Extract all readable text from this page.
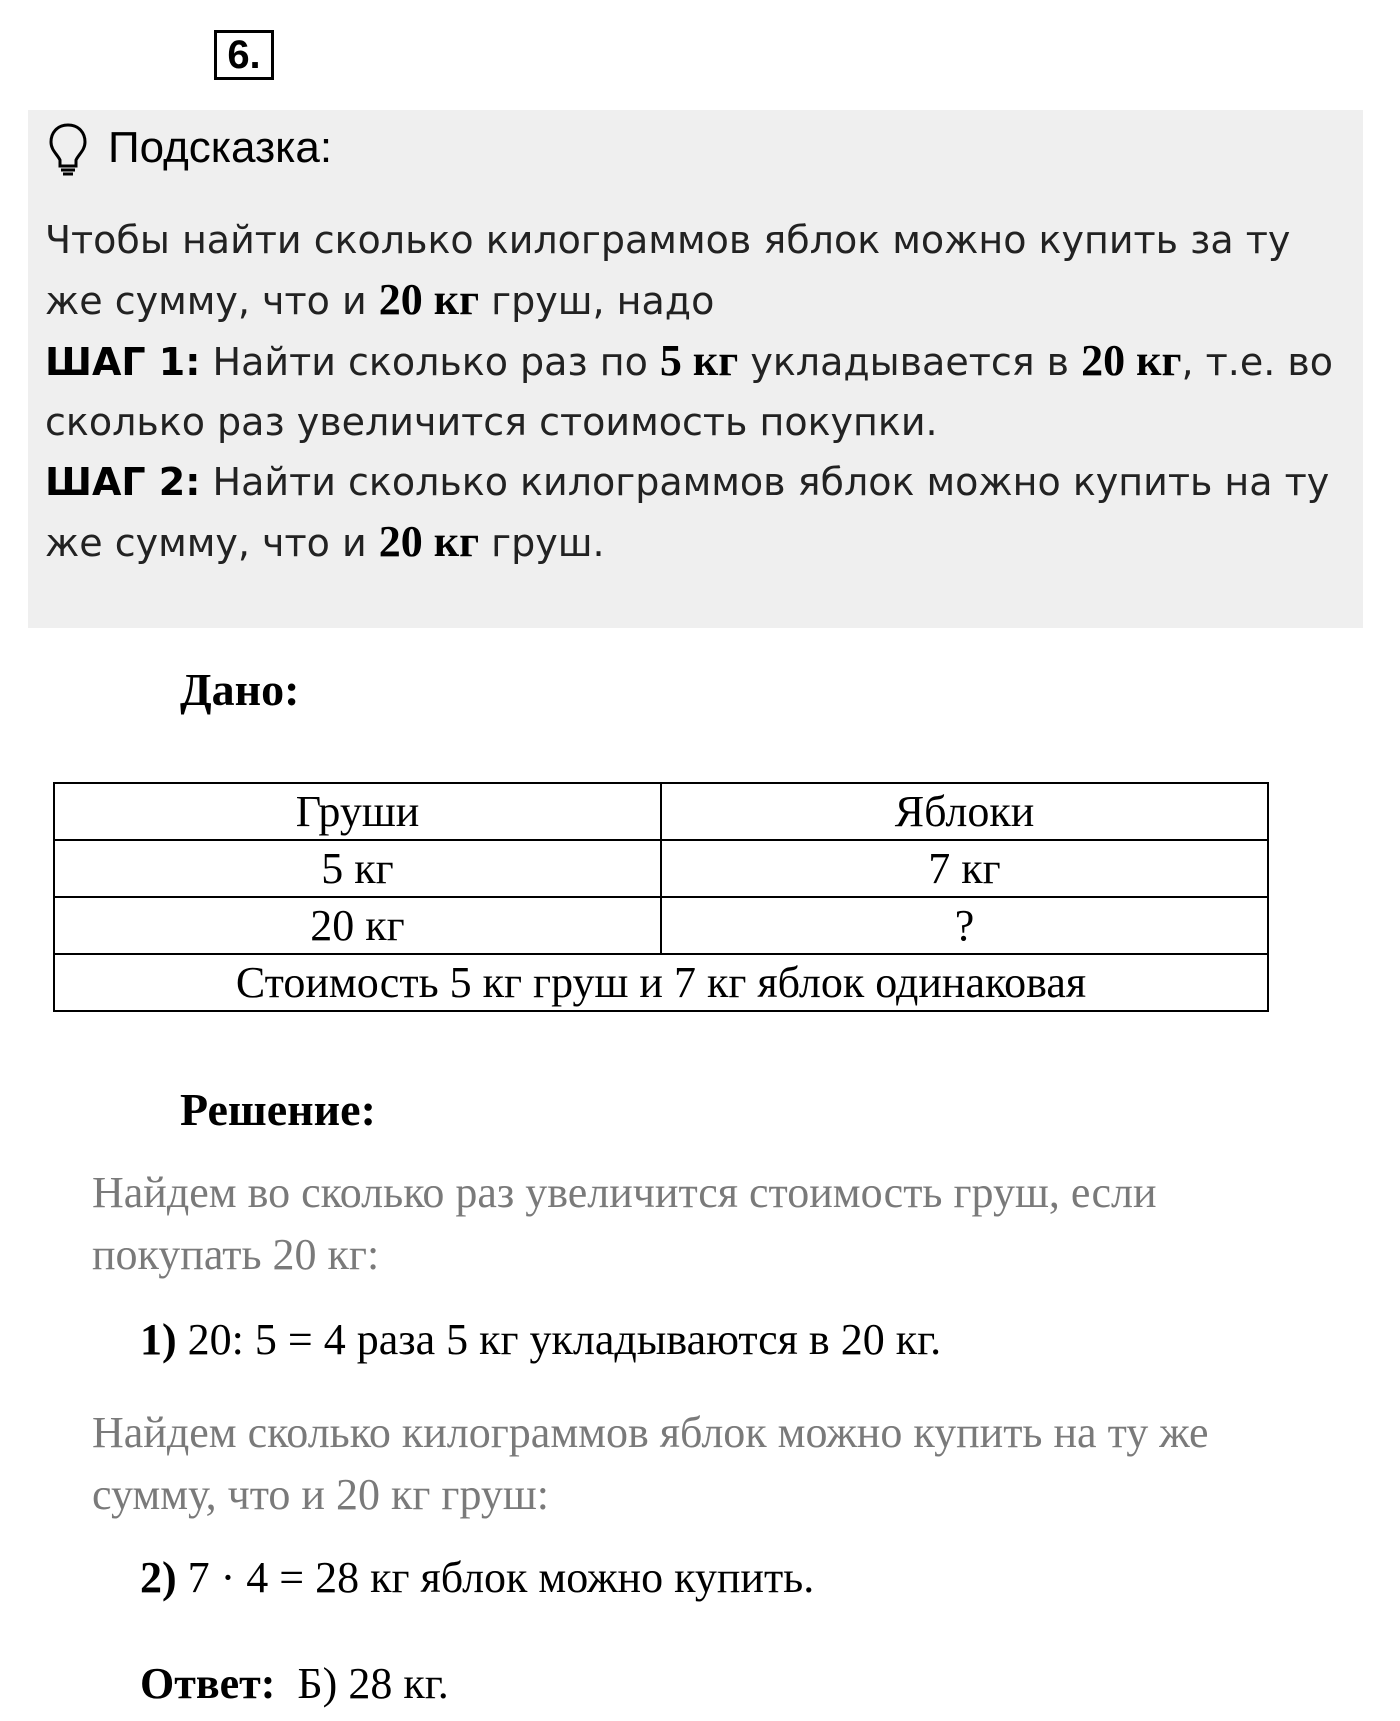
6.
Подсказка:

Чтобы найти сколько килограммов яблок можно купить за ту

же сумму, что и 20 кг груш, надо

ШАГ 1: Найти сколько раз по 5 кг укладывается в 20 кг, т.е. во

сколько раз увеличится стоимость покупки.

ШАГ 2: Найти сколько килограммов яблок можно купить на ту

же сумму, что и 20 кг груш.

Дано:
Груши	Яблоки
5 кг	7 кг
20 кг	?
Стоимость 5 кг груш и 7 кг яблок одинаковая	
Решение:
Найдем во сколько раз увеличится стоимость груш, если
покупать 20 кг:
1) 20: 5 = 4 раза 5 кг укладываются в 20 кг.
Найдем сколько килограммов яблок можно купить на ту же
сумму, что и 20 кг груш:
2) 7 · 4 = 28 кг яблок можно купить.
Ответ: Б) 28 кг.
